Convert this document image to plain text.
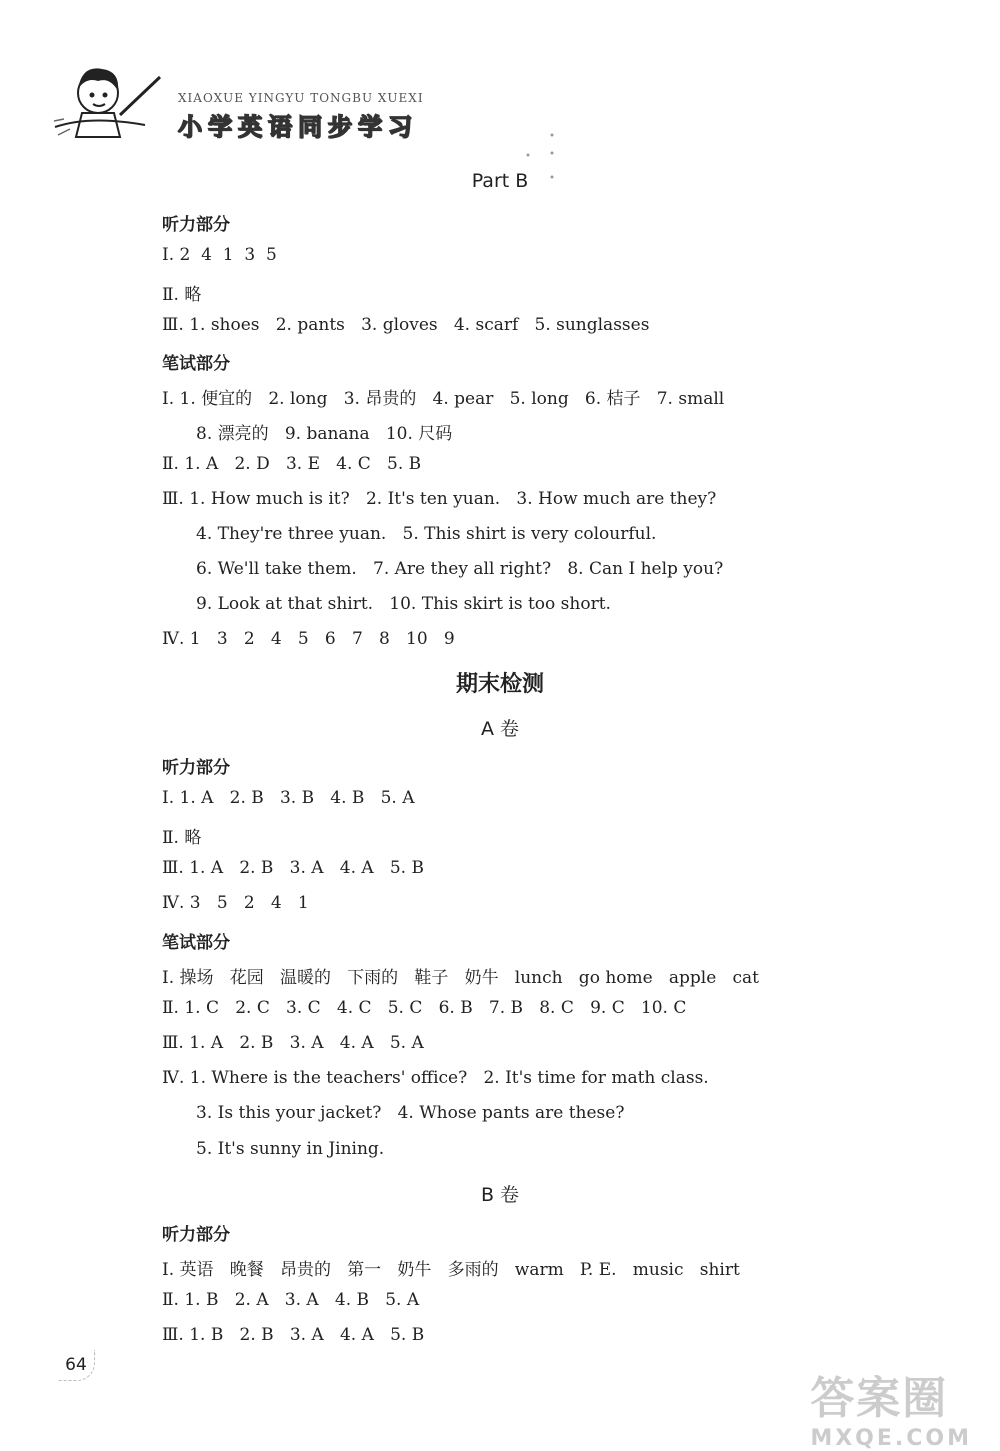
XIAOXUE YINGYU TONGBU XUEXI
小学英语同步学习
Part B
听力部分
Ⅰ. 2  4  1  3  5
Ⅱ. 略
Ⅲ. 1. shoes   2. pants   3. gloves   4. scarf   5. sunglasses
笔试部分
Ⅰ. 1. 便宜的   2. long   3. 昂贵的   4. pear   5. long   6. 桔子   7. small
8. 漂亮的   9. banana   10. 尺码
Ⅱ. 1. A   2. D   3. E   4. C   5. B
Ⅲ. 1. How much is it?   2. It's ten yuan.   3. How much are they?
4. They're three yuan.   5. This shirt is very colourful.
6. We'll take them.   7. Are they all right?   8. Can I help you?
9. Look at that shirt.   10. This skirt is too short.
Ⅳ. 1   3   2   4   5   6   7   8   10   9
期末检测
A 卷
听力部分
Ⅰ. 1. A   2. B   3. B   4. B   5. A
Ⅱ. 略
Ⅲ. 1. A   2. B   3. A   4. A   5. B
Ⅳ. 3   5   2   4   1
笔试部分
Ⅰ. 操场   花园   温暖的   下雨的   鞋子   奶牛   lunch   go home   apple   cat
Ⅱ. 1. C   2. C   3. C   4. C   5. C   6. B   7. B   8. C   9. C   10. C
Ⅲ. 1. A   2. B   3. A   4. A   5. A
Ⅳ. 1. Where is the teachers' office?   2. It's time for math class.
3. Is this your jacket?   4. Whose pants are these?
5. It's sunny in Jining.
B 卷
听力部分
Ⅰ. 英语   晚餐   昂贵的   第一   奶牛   多雨的   warm   P. E.   music   shirt
Ⅱ. 1. B   2. A   3. A   4. B   5. A
Ⅲ. 1. B   2. B   3. A   4. A   5. B
64
答案圈
MXQE.COM
